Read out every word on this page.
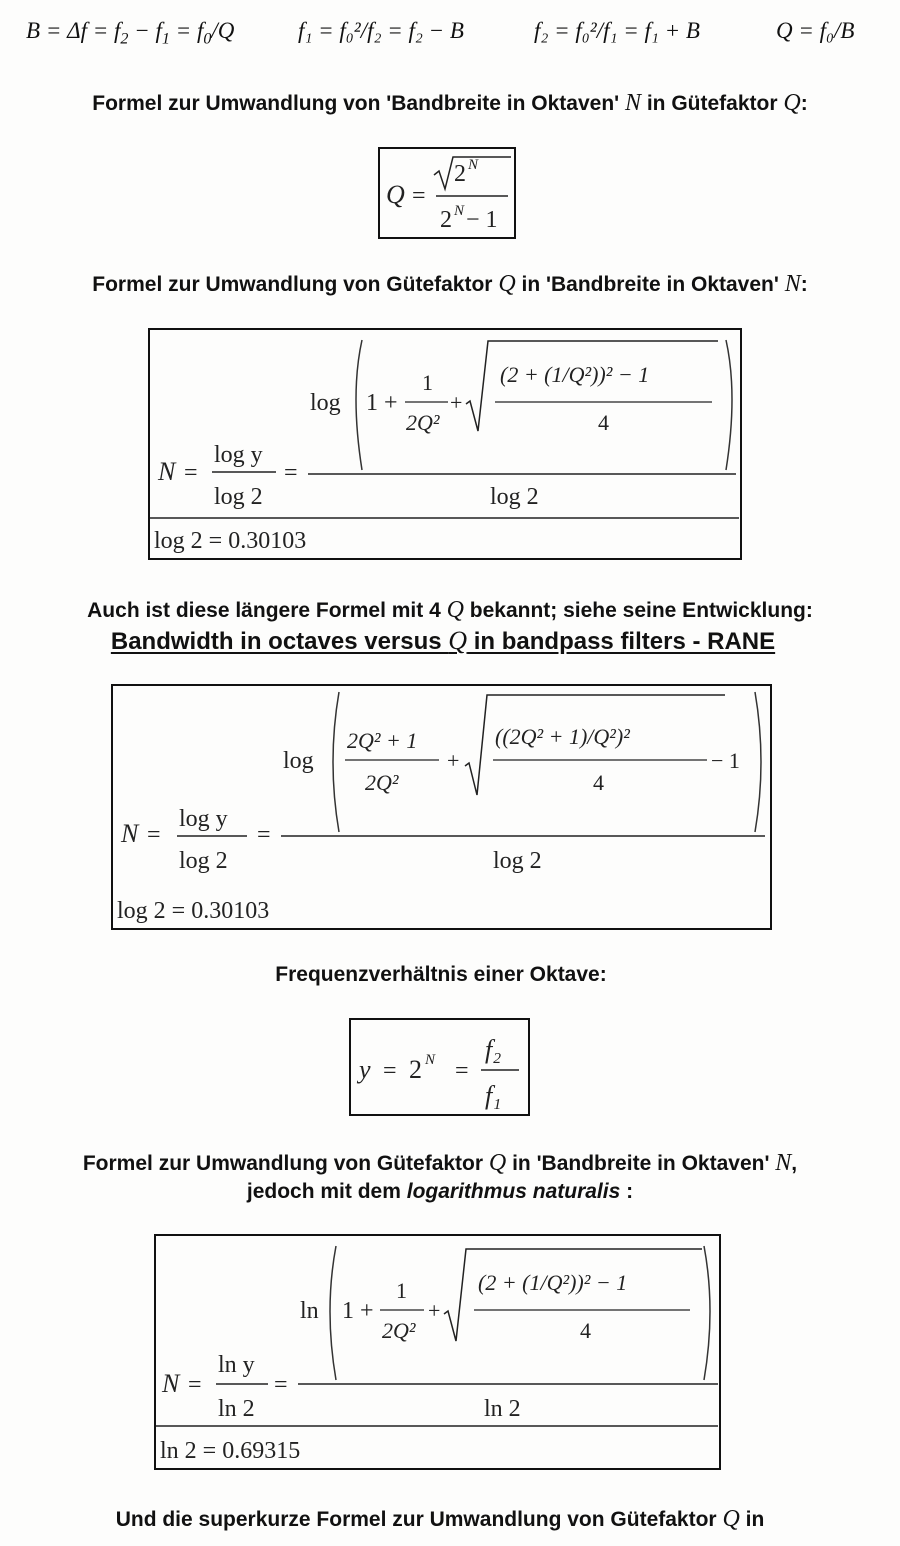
$B = \Delta f = f_2 - f_1 = f_0/Q$	f₁ = f₀²/f₂ = f₂ − B	f₂ = f₀²/f₁ = f₁ + B	Q = f₀/B
Formel zur Umwandlung von 'Bandbreite in Oktaven' N in Gütefaktor Q:
Q =
2 N
2 N − 1
Formel zur Umwandlung von Gütefaktor Q in 'Bandbreite in Oktaven' N:
N =
log y
log 2
=
log 1 +
1
2Q²
+
(2 + (1/Q²))² − 1
4
log 2
log 2 = 0.30103
Auch ist diese längere Formel mit 4 Q bekannt; siehe seine Entwicklung:
Bandwidth in octaves versus Q in bandpass filters - RANE
N =
log y
log 2
=
log
2Q² + 1
2Q²
+
((2Q² + 1)/Q²)²
4
− 1
log 2
log 2 = 0.30103
Frequenzverhältnis einer Oktave:
y = 2 N =
f₂
f₁
Formel zur Umwandlung von Gütefaktor Q in 'Bandbreite in Oktaven' N,
jedoch mit dem logarithmus naturalis :
N =
ln y
ln 2
=
ln 1 +
1
2Q²
+
(2 + (1/Q²))² − 1
4
ln 2
ln 2 = 0.69315
Und die superkurze Formel zur Umwandlung von Gütefaktor Q in
